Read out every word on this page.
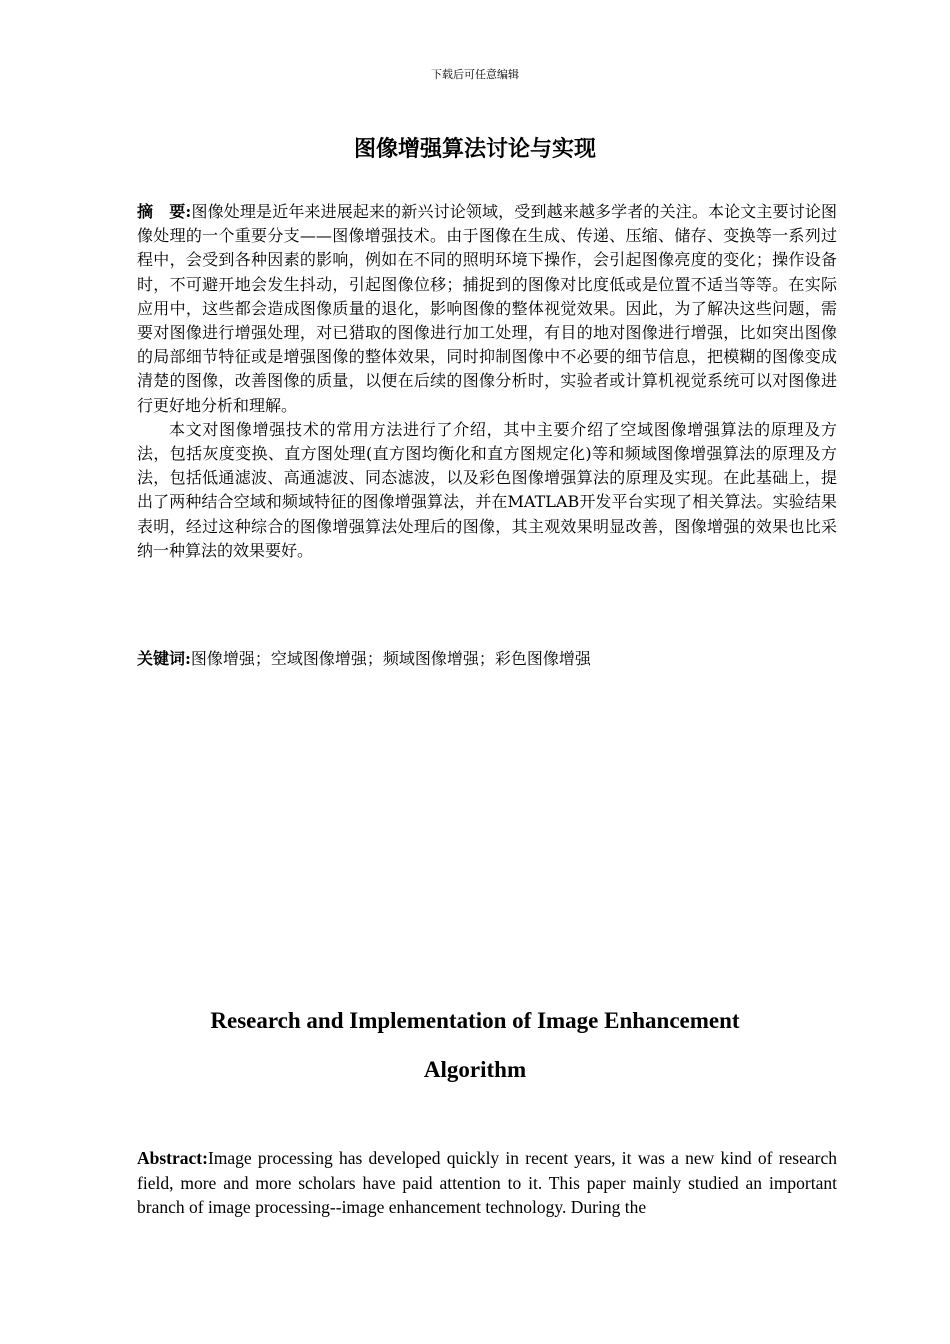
下载后可任意编辑
图像增强算法讨论与实现

摘　要:图像处理是近年来进展起来的新兴讨论领域，受到越来越多学者的关注。本论文主要讨论图像处理的一个重要分支——图像增强技术。由于图像在生成、传递、压缩、储存、变换等一系列过程中，会受到各种因素的影响，例如在不同的照明环境下操作，会引起图像亮度的变化；操作设备时，不可避开地会发生抖动，引起图像位移；捕捉到的图像对比度低或是位置不适当等等。在实际应用中，这些都会造成图像质量的退化，影响图像的整体视觉效果。因此，为了解决这些问题，需要对图像进行增强处理，对已猎取的图像进行加工处理，有目的地对图像进行增强，比如突出图像的局部细节特征或是增强图像的整体效果，同时抑制图像中不必要的细节信息，把模糊的图像变成清楚的图像，改善图像的质量，以便在后续的图像分析时，实验者或计算机视觉系统可以对图像进行更好地分析和理解。

本文对图像增强技术的常用方法进行了介绍，其中主要介绍了空域图像增强算法的原理及方法，包括灰度变换、直方图处理(直方图均衡化和直方图规定化)等和频域图像增强算法的原理及方法，包括低通滤波、高通滤波、同态滤波，以及彩色图像增强算法的原理及实现。在此基础上，提出了两种结合空域和频域特征的图像增强算法，并在MATLAB开发平台实现了相关算法。实验结果表明，经过这种综合的图像增强算法处理后的图像，其主观效果明显改善，图像增强的效果也比采纳一种算法的效果要好。

关键词:图像增强；空域图像增强；频域图像增强；彩色图像增强
Research and Implementation of Image Enhancement
Algorithm

Abstract:Image processing has developed quickly in recent years, it was a new kind of research field, more and more scholars have paid attention to it. This paper mainly studied an important branch of image processing--image enhancement technology. During the
